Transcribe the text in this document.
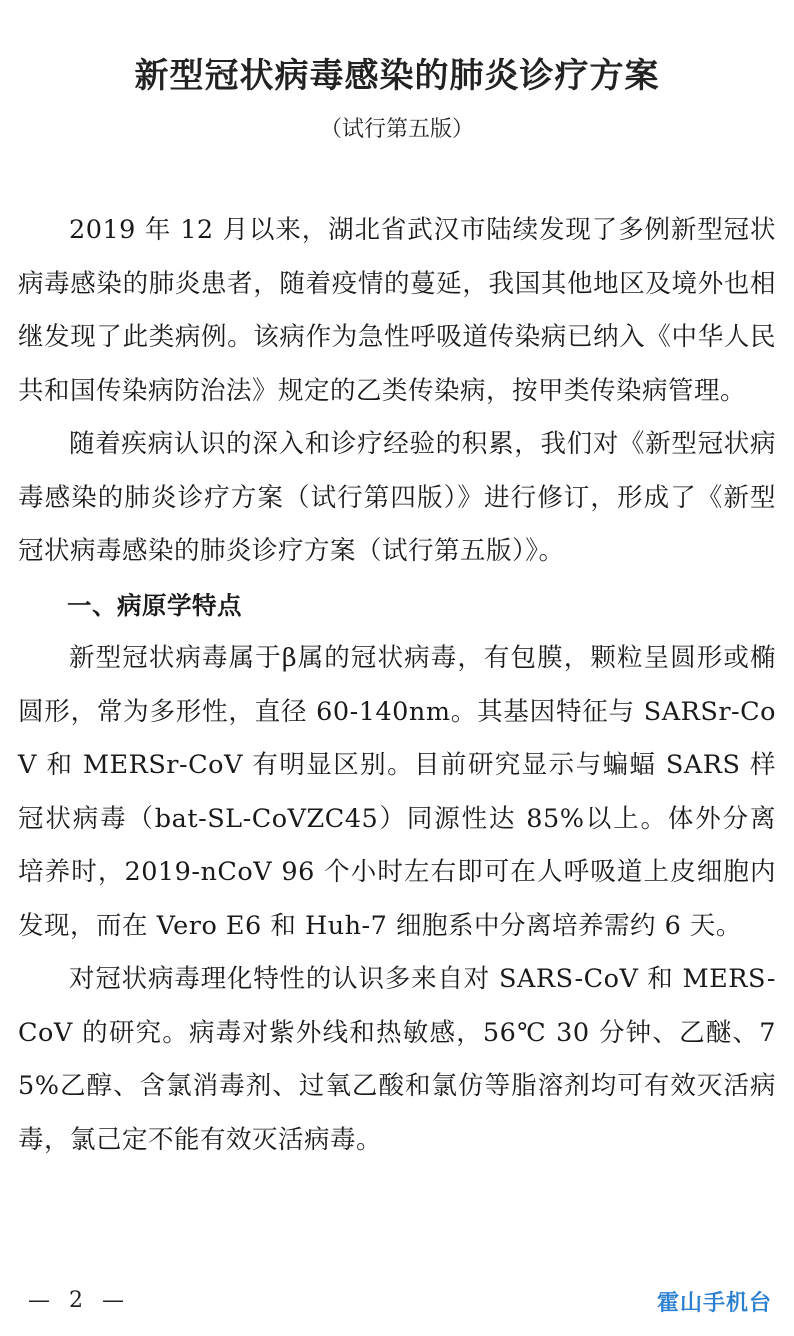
新型冠状病毒感染的肺炎诊疗方案
（试行第五版）

2019 年 12 月以来，湖北省武汉市陆续发现了多例新型冠状病毒感染的肺炎患者，随着疫情的蔓延，我国其他地区及境外也相继发现了此类病例。该病作为急性呼吸道传染病已纳入《中华人民共和国传染病防治法》规定的乙类传染病，按甲类传染病管理。

随着疾病认识的深入和诊疗经验的积累，我们对《新型冠状病毒感染的肺炎诊疗方案（试行第四版）》进行修订，形成了《新型冠状病毒感染的肺炎诊疗方案（试行第五版）》。

一、病原学特点

新型冠状病毒属于β属的冠状病毒，有包膜，颗粒呈圆形或椭圆形，常为多形性，直径 60-140nm。其基因特征与 SARSr-CoV 和 MERSr-CoV 有明显区别。目前研究显示与蝙蝠 SARS 样冠状病毒（bat-SL-CoVZC45）同源性达 85%以上。体外分离培养时，2019-nCoV 96 个小时左右即可在人呼吸道上皮细胞内发现，而在 Vero E6 和 Huh-7 细胞系中分离培养需约 6 天。

对冠状病毒理化特性的认识多来自对 SARS-CoV 和 MERS-CoV 的研究。病毒对紫外线和热敏感，56℃ 30 分钟、乙醚、75%乙醇、含氯消毒剂、过氧乙酸和氯仿等脂溶剂均可有效灭活病毒，氯己定不能有效灭活病毒。

— 2 —	霍山手机台
